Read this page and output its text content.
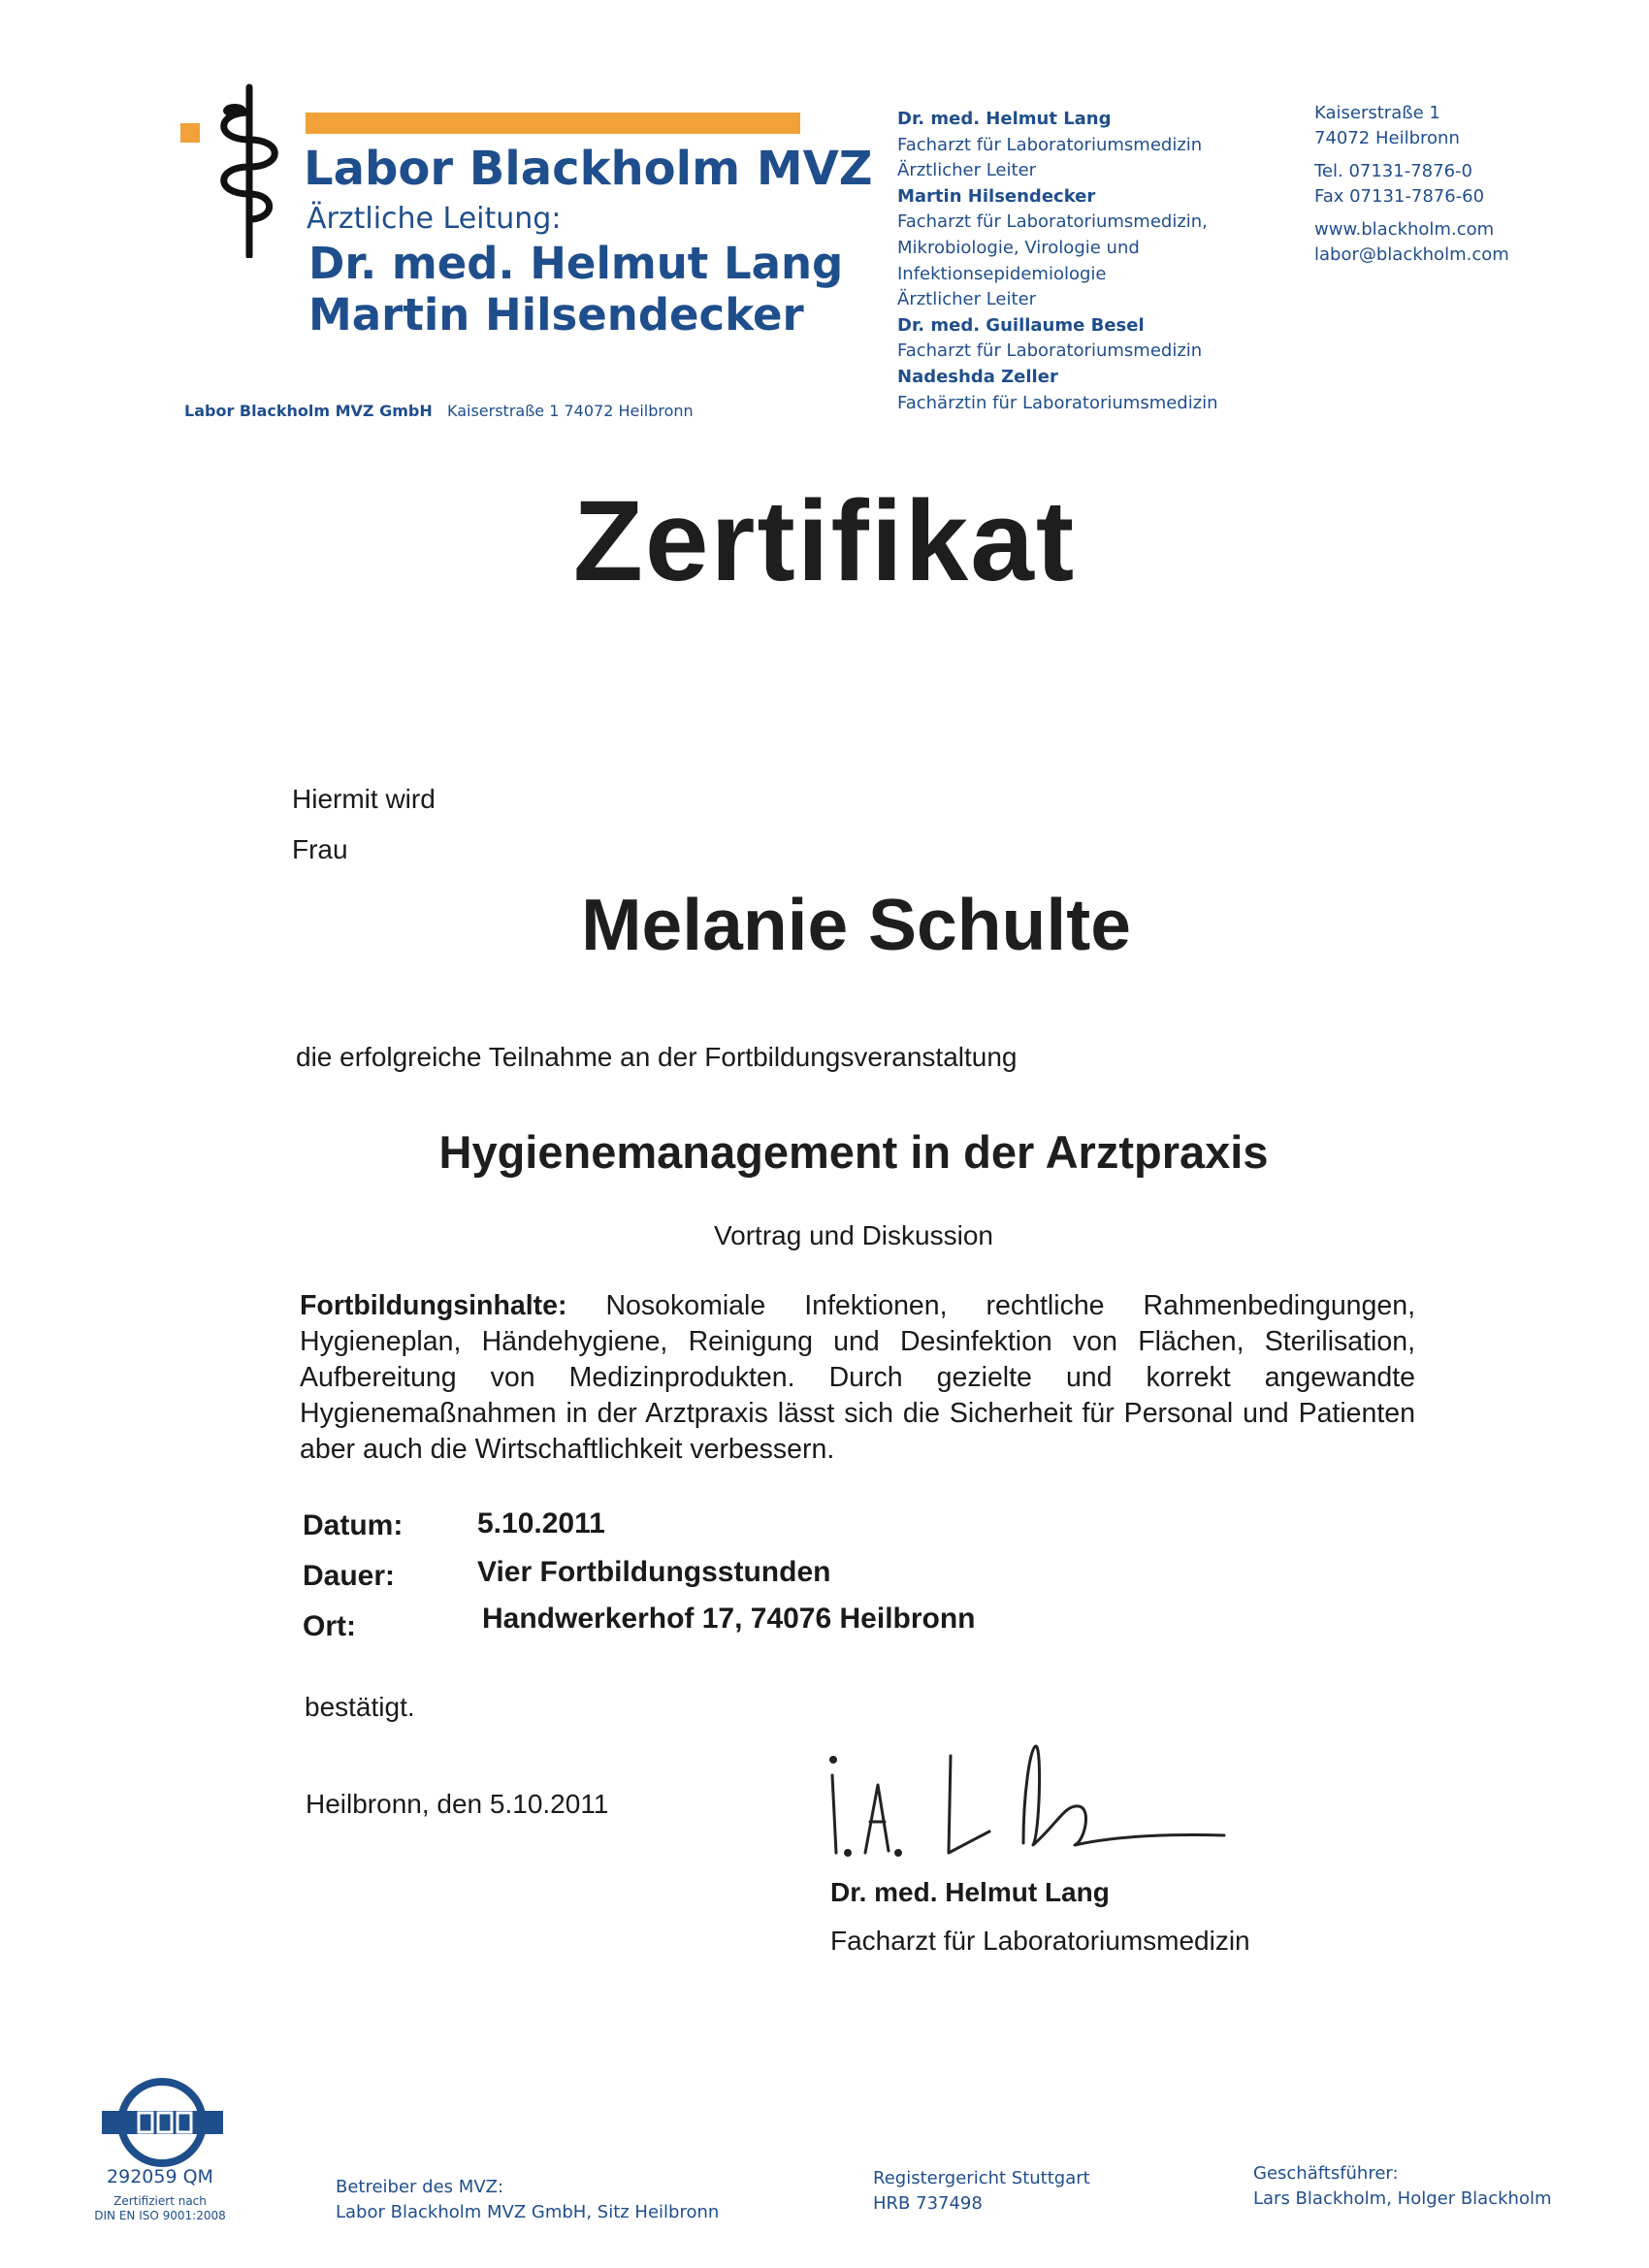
Labor Blackholm MVZ
Ärztliche Leitung:
Dr. med. Helmut Lang
Martin Hilsendecker
Labor Blackholm MVZ GmbH Kaiserstraße 1 74072 Heilbronn
Dr. med. Helmut Lang
Facharzt für Laboratoriumsmedizin
Ärztlicher Leiter
Martin Hilsendecker
Facharzt für Laboratoriumsmedizin,
Mikrobiologie, Virologie und
Infektionsepidemiologie
Ärztlicher Leiter
Dr. med. Guillaume Besel
Facharzt für Laboratoriumsmedizin
Nadeshda Zeller
Fachärztin für Laboratoriumsmedizin
Kaiserstraße 1
74072 Heilbronn
Tel. 07131-7876-0
Fax 07131-7876-60
www.blackholm.com
labor@blackholm.com
Zertifikat
Hiermit wird
Frau
Melanie Schulte
die erfolgreiche Teilnahme an der Fortbildungsveranstaltung
Hygienemanagement in der Arztpraxis
Vortrag und Diskussion
Fortbildungsinhalte: Nosokomiale Infektionen, rechtliche Rahmenbedingungen, Hygieneplan, Händehygiene, Reinigung und Desinfektion von Flächen, Sterilisation, Aufbereitung von Medizinprodukten. Durch gezielte und korrekt angewandte Hygienemaßnahmen in der Arztpraxis lässt sich die Sicherheit für Personal und Patienten aber auch die Wirtschaftlichkeit verbessern.
Datum:	5.10.2011
Dauer:	Vier Fortbildungsstunden
Ort:	Handwerkerhof 17, 74076 Heilbronn
bestätigt.
Heilbronn, den 5.10.2011
Dr. med. Helmut Lang
Facharzt für Laboratoriumsmedizin
292059 QM
Zertifiziert nach
DIN EN ISO 9001:2008
Betreiber des MVZ:
Labor Blackholm MVZ GmbH, Sitz Heilbronn
Registergericht Stuttgart
HRB 737498
Geschäftsführer:
Lars Blackholm, Holger Blackholm
